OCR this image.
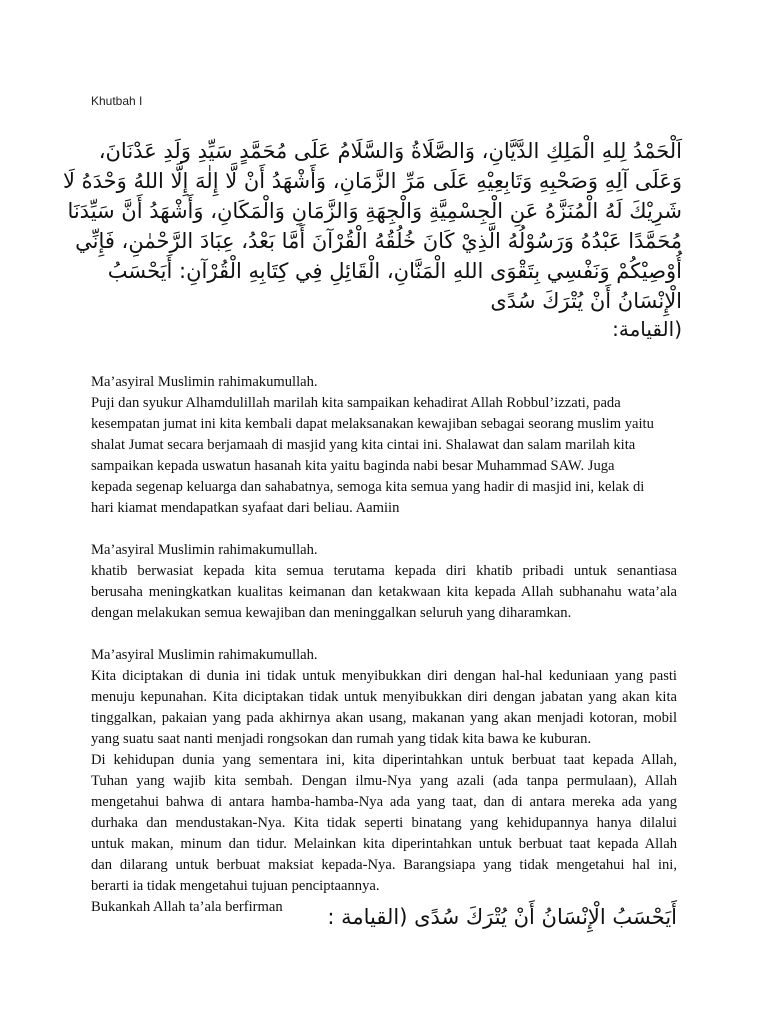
Khutbah I
اَلْحَمْدُ لِلهِ الْمَلِكِ الدَّيَّانِ، وَالصَّلَاةُ وَالسَّلَامُ عَلَى مُحَمَّدٍ سَيِّدِ وَلَدِ عَدْنَانَ،
وَعَلَى آلِهِ وَصَحْبِهِ وَتَابِعِيْهِ عَلَى مَرِّ الزَّمَانِ، وَأَشْهَدُ أَنْ لَّا إِلٰهَ إِلَّا اللهُ وَحْدَهُ لَا
شَرِيْكَ لَهُ الْمُنَزَّهُ عَنِ الْجِسْمِيَّةِ وَالْجِهَةِ وَالزَّمَانِ وَالْمَكَانِ، وَأَشْهَدُ أَنَّ سَيِّدَنَا
مُحَمَّدًا عَبْدُهُ وَرَسُوْلُهُ الَّذِيْ كَانَ خُلُقُهُ الْقُرْآنَ أَمَّا بَعْدُ، عِبَادَ الرَّحْمٰنِ، فَإِنِّي
أُوْصِيْكُمْ وَنَفْسِي بِتَقْوَى اللهِ الْمَنَّانِ، الْقَائِلِ فِي كِتَابِهِ الْقُرْآنِ: أَيَحْسَبُ
الْإِنْسَانُ أَنْ يُتْرَكَ سُدًى
(القيامة:
Ma’asyiral Muslimin rahimakumullah.
Puji dan syukur Alhamdulillah marilah kita sampaikan kehadirat Allah Robbul’izzati, pada
kesempatan jumat ini kita kembali dapat melaksanakan kewajiban sebagai seorang muslim yaitu
shalat Jumat secara berjamaah di masjid yang kita cintai ini. Shalawat dan salam marilah kita
sampaikan kepada uswatun hasanah kita yaitu baginda nabi besar Muhammad SAW. Juga
kepada segenap keluarga dan sahabatnya, semoga kita semua yang hadir di masjid ini, kelak di
hari kiamat mendapatkan syafaat dari beliau. Aamiin
Ma’asyiral Muslimin rahimakumullah.
khatib berwasiat kepada kita semua terutama kepada diri khatib pribadi untuk senantiasa
berusaha meningkatkan kualitas keimanan dan ketakwaan kita kepada Allah subhanahu wata’ala
dengan melakukan semua kewajiban dan meninggalkan seluruh yang diharamkan.
Ma’asyiral Muslimin rahimakumullah.
Kita diciptakan di dunia ini tidak untuk menyibukkan diri dengan hal-hal keduniaan yang pasti
menuju kepunahan. Kita diciptakan tidak untuk menyibukkan diri dengan jabatan yang akan kita
tinggalkan, pakaian yang pada akhirnya akan usang, makanan yang akan menjadi kotoran, mobil
yang suatu saat nanti menjadi rongsokan dan rumah yang tidak kita bawa ke kuburan.
Di kehidupan dunia yang sementara ini, kita diperintahkan untuk berbuat taat kepada Allah,
Tuhan yang wajib kita sembah. Dengan ilmu-Nya yang azali (ada tanpa permulaan), Allah
mengetahui bahwa di antara hamba-hamba-Nya ada yang taat, dan di antara mereka ada yang
durhaka dan mendustakan-Nya. Kita tidak seperti binatang yang kehidupannya hanya dilalui
untuk makan, minum dan tidur. Melainkan kita diperintahkan untuk berbuat taat kepada Allah
dan dilarang untuk berbuat maksiat kepada-Nya. Barangsiapa yang tidak mengetahui hal ini,
berarti ia tidak mengetahui tujuan penciptaannya.
Bukankah Allah ta’ala berfirman	أَيَحْسَبُ الْإِنْسَانُ أَنْ يُتْرَكَ سُدًى (القيامة :
